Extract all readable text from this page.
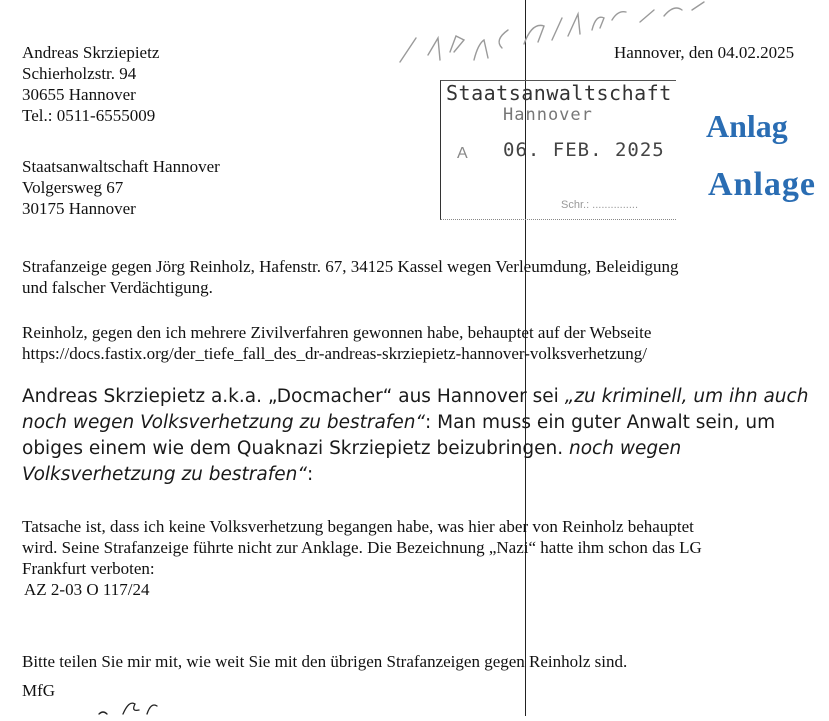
Andreas Skrziepietz
Schierholzstr. 94
30655 Hannover
Tel.: 0511-6555009
Hannover, den 04.02.2025
Staatsanwaltschaft
Hannover
A 06. FEB. 2025
Schr.: ...............
Anlag
Anlage
Staatsanwaltschaft Hannover
Volgersweg 67
30175 Hannover
Strafanzeige gegen Jörg Reinholz, Hafenstr. 67, 34125 Kassel wegen Verleumdung, Beleidigung
und falscher Verdächtigung.
Reinholz, gegen den ich mehrere Zivilverfahren gewonnen habe, behauptet auf der Webseite
https://docs.fastix.org/der_tiefe_fall_des_dr-andreas-skrziepietz-hannover-volksverhetzung/
Andreas Skrziepietz a.k.a. „Docmacher“ aus Hannover sei „zu kriminell, um ihn auch
noch wegen Volksverhetzung zu bestrafen“: Man muss ein guter Anwalt sein, um
obiges einem wie dem Quaknazi Skrziepietz beizubringen. noch wegen
Volksverhetzung zu bestrafen“:
Tatsache ist, dass ich keine Volksverhetzung begangen habe, was hier aber von Reinholz behauptet
wird. Seine Strafanzeige führte nicht zur Anklage. Die Bezeichnung „Nazi“ hatte ihm schon das LG
Frankfurt verboten:
AZ 2-03 O 117/24
Bitte teilen Sie mir mit, wie weit Sie mit den übrigen Strafanzeigen gegen Reinholz sind.
MfG
